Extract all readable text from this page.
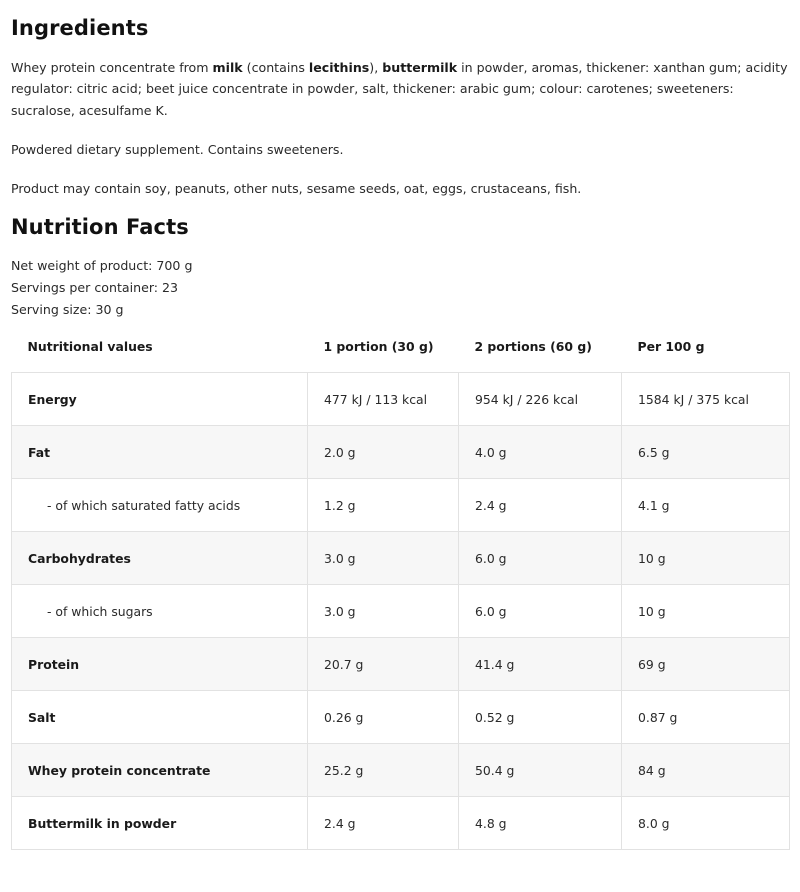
Ingredients

Whey protein concentrate from milk (contains lecithins), buttermilk in powder, aromas, thickener: xanthan gum; acidity regulator: citric acid; beet juice concentrate in powder, salt, thickener: arabic gum; colour: carotenes; sweeteners: sucralose, acesulfame K.

Powdered dietary supplement. Contains sweeteners.

Product may contain soy, peanuts, other nuts, sesame seeds, oat, eggs, crustaceans, fish.

Nutrition Facts

Net weight of product: 700 g

Servings per container: 23

Serving size: 30 g

Nutritional values	1 portion (30 g)	2 portions (60 g)	Per 100 g

Energy	477 kJ / 113 kcal	954 kJ / 226 kcal	1584 kJ / 375 kcal
Fat	2.0 g	4.0 g	6.5 g
- of which saturated fatty acids	1.2 g	2.4 g	4.1 g
Carbohydrates	3.0 g	6.0 g	10 g
- of which sugars	3.0 g	6.0 g	10 g
Protein	20.7 g	41.4 g	69 g
Salt	0.26 g	0.52 g	0.87 g
Whey protein concentrate	25.2 g	50.4 g	84 g
Buttermilk in powder	2.4 g	4.8 g	8.0 g
